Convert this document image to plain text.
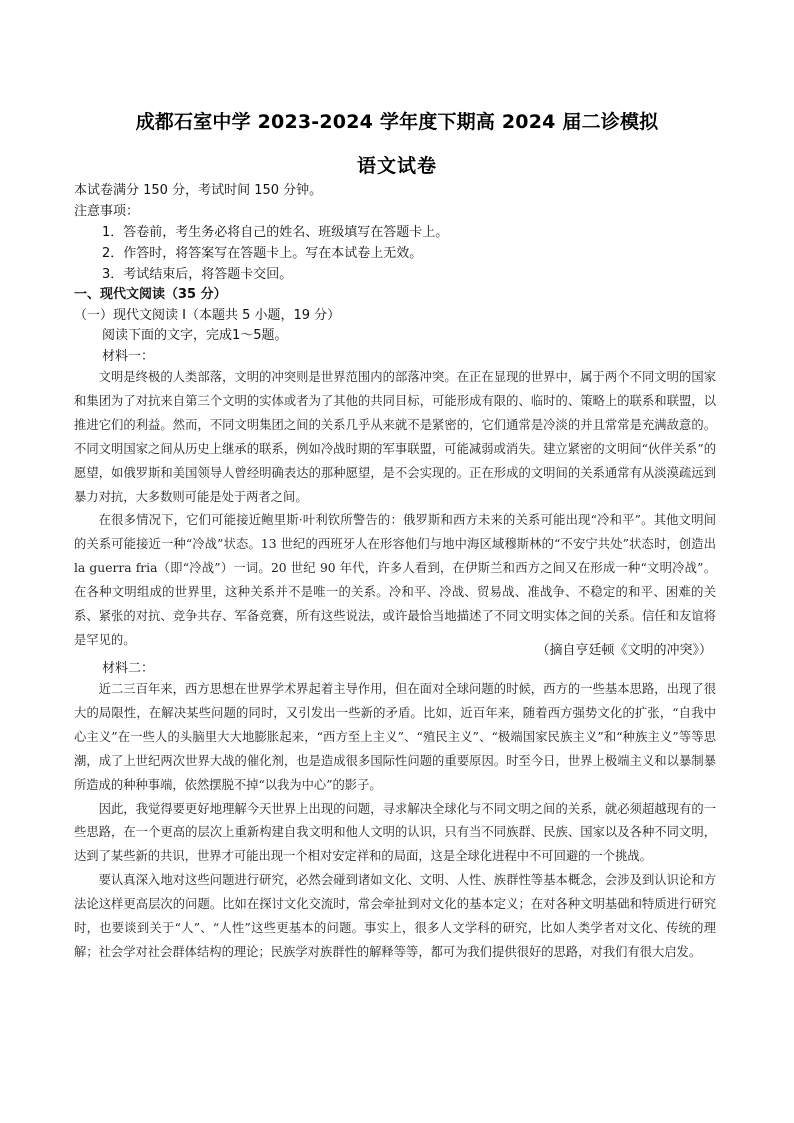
成都石室中学 2023-2024 学年度下期高 2024 届二诊模拟
语文试卷
本试卷满分 150 分，考试时间 150 分钟。
注意事项：
1．答卷前，考生务必将自己的姓名、班级填写在答题卡上。
2．作答时，将答案写在答题卡上。写在本试卷上无效。
3．考试结束后，将答题卡交回。
一、现代文阅读（35 分）
（一）现代文阅读 I（本题共 5 小题，19 分）
阅读下面的文字，完成1～5题。
材料一：

文明是终极的人类部落，文明的冲突则是世界范围内的部落冲突。在正在显现的世界中，属于两个不同文明的国家和集团为了对抗来自第三个文明的实体或者为了其他的共同目标，可能形成有限的、临时的、策略上的联系和联盟，以推进它们的利益。然而，不同文明集团之间的关系几乎从来就不是紧密的，它们通常是冷淡的并且常常是充满敌意的。不同文明国家之间从历史上继承的联系，例如冷战时期的军事联盟，可能减弱或消失。建立紧密的文明间“伙伴关系”的愿望，如俄罗斯和美国领导人曾经明确表达的那种愿望，是不会实现的。正在形成的文明间的关系通常有从淡漠疏远到暴力对抗，大多数则可能是处于两者之间。

在很多情况下，它们可能接近鲍里斯·叶利钦所警告的：俄罗斯和西方未来的关系可能出现“冷和平”。其他文明间的关系可能接近一种“冷战”状态。13 世纪的西班牙人在形容他们与地中海区域穆斯林的“不安宁共处”状态时，创造出 la guerra fria（即“冷战”）一词。20 世纪 90 年代，许多人看到，在伊斯兰和西方之间又在形成一种“文明冷战”。在各种文明组成的世界里，这种关系并不是唯一的关系。冷和平、冷战、贸易战、准战争、不稳定的和平、困难的关系、紧张的对抗、竞争共存、军备竞赛，所有这些说法，或许最恰当地描述了不同文明实体之间的关系。信任和友谊将是罕见的。

（摘自亨廷顿《文明的冲突》）
材料二：

近二三百年来，西方思想在世界学术界起着主导作用，但在面对全球问题的时候，西方的一些基本思路，出现了很大的局限性，在解决某些问题的同时，又引发出一些新的矛盾。比如，近百年来，随着西方强势文化的扩张，“自我中心主义”在一些人的头脑里大大地膨胀起来，“西方至上主义”、“殖民主义”、“极端国家民族主义”和“种族主义”等等思潮，成了上世纪两次世界大战的催化剂，也是造成很多国际性问题的重要原因。时至今日，世界上极端主义和以暴制暴所造成的种种事端，依然摆脱不掉“以我为中心”的影子。

因此，我觉得要更好地理解今天世界上出现的问题，寻求解决全球化与不同文明之间的关系，就必须超越现有的一些思路，在一个更高的层次上重新构建自我文明和他人文明的认识，只有当不同族群、民族、国家以及各种不同文明，达到了某些新的共识，世界才可能出现一个相对安定祥和的局面，这是全球化进程中不可回避的一个挑战。

要认真深入地对这些问题进行研究，必然会碰到诸如文化、文明、人性、族群性等基本概念，会涉及到认识论和方法论这样更高层次的问题。比如在探讨文化交流时，常会牵扯到对文化的基本定义；在对各种文明基础和特质进行研究时，也要谈到关于“人”、“人性”这些更基本的问题。事实上，很多人文学科的研究，比如人类学者对文化、传统的理解；社会学对社会群体结构的理论；民族学对族群性的解释等等，都可为我们提供很好的思路，对我们有很大启发。
